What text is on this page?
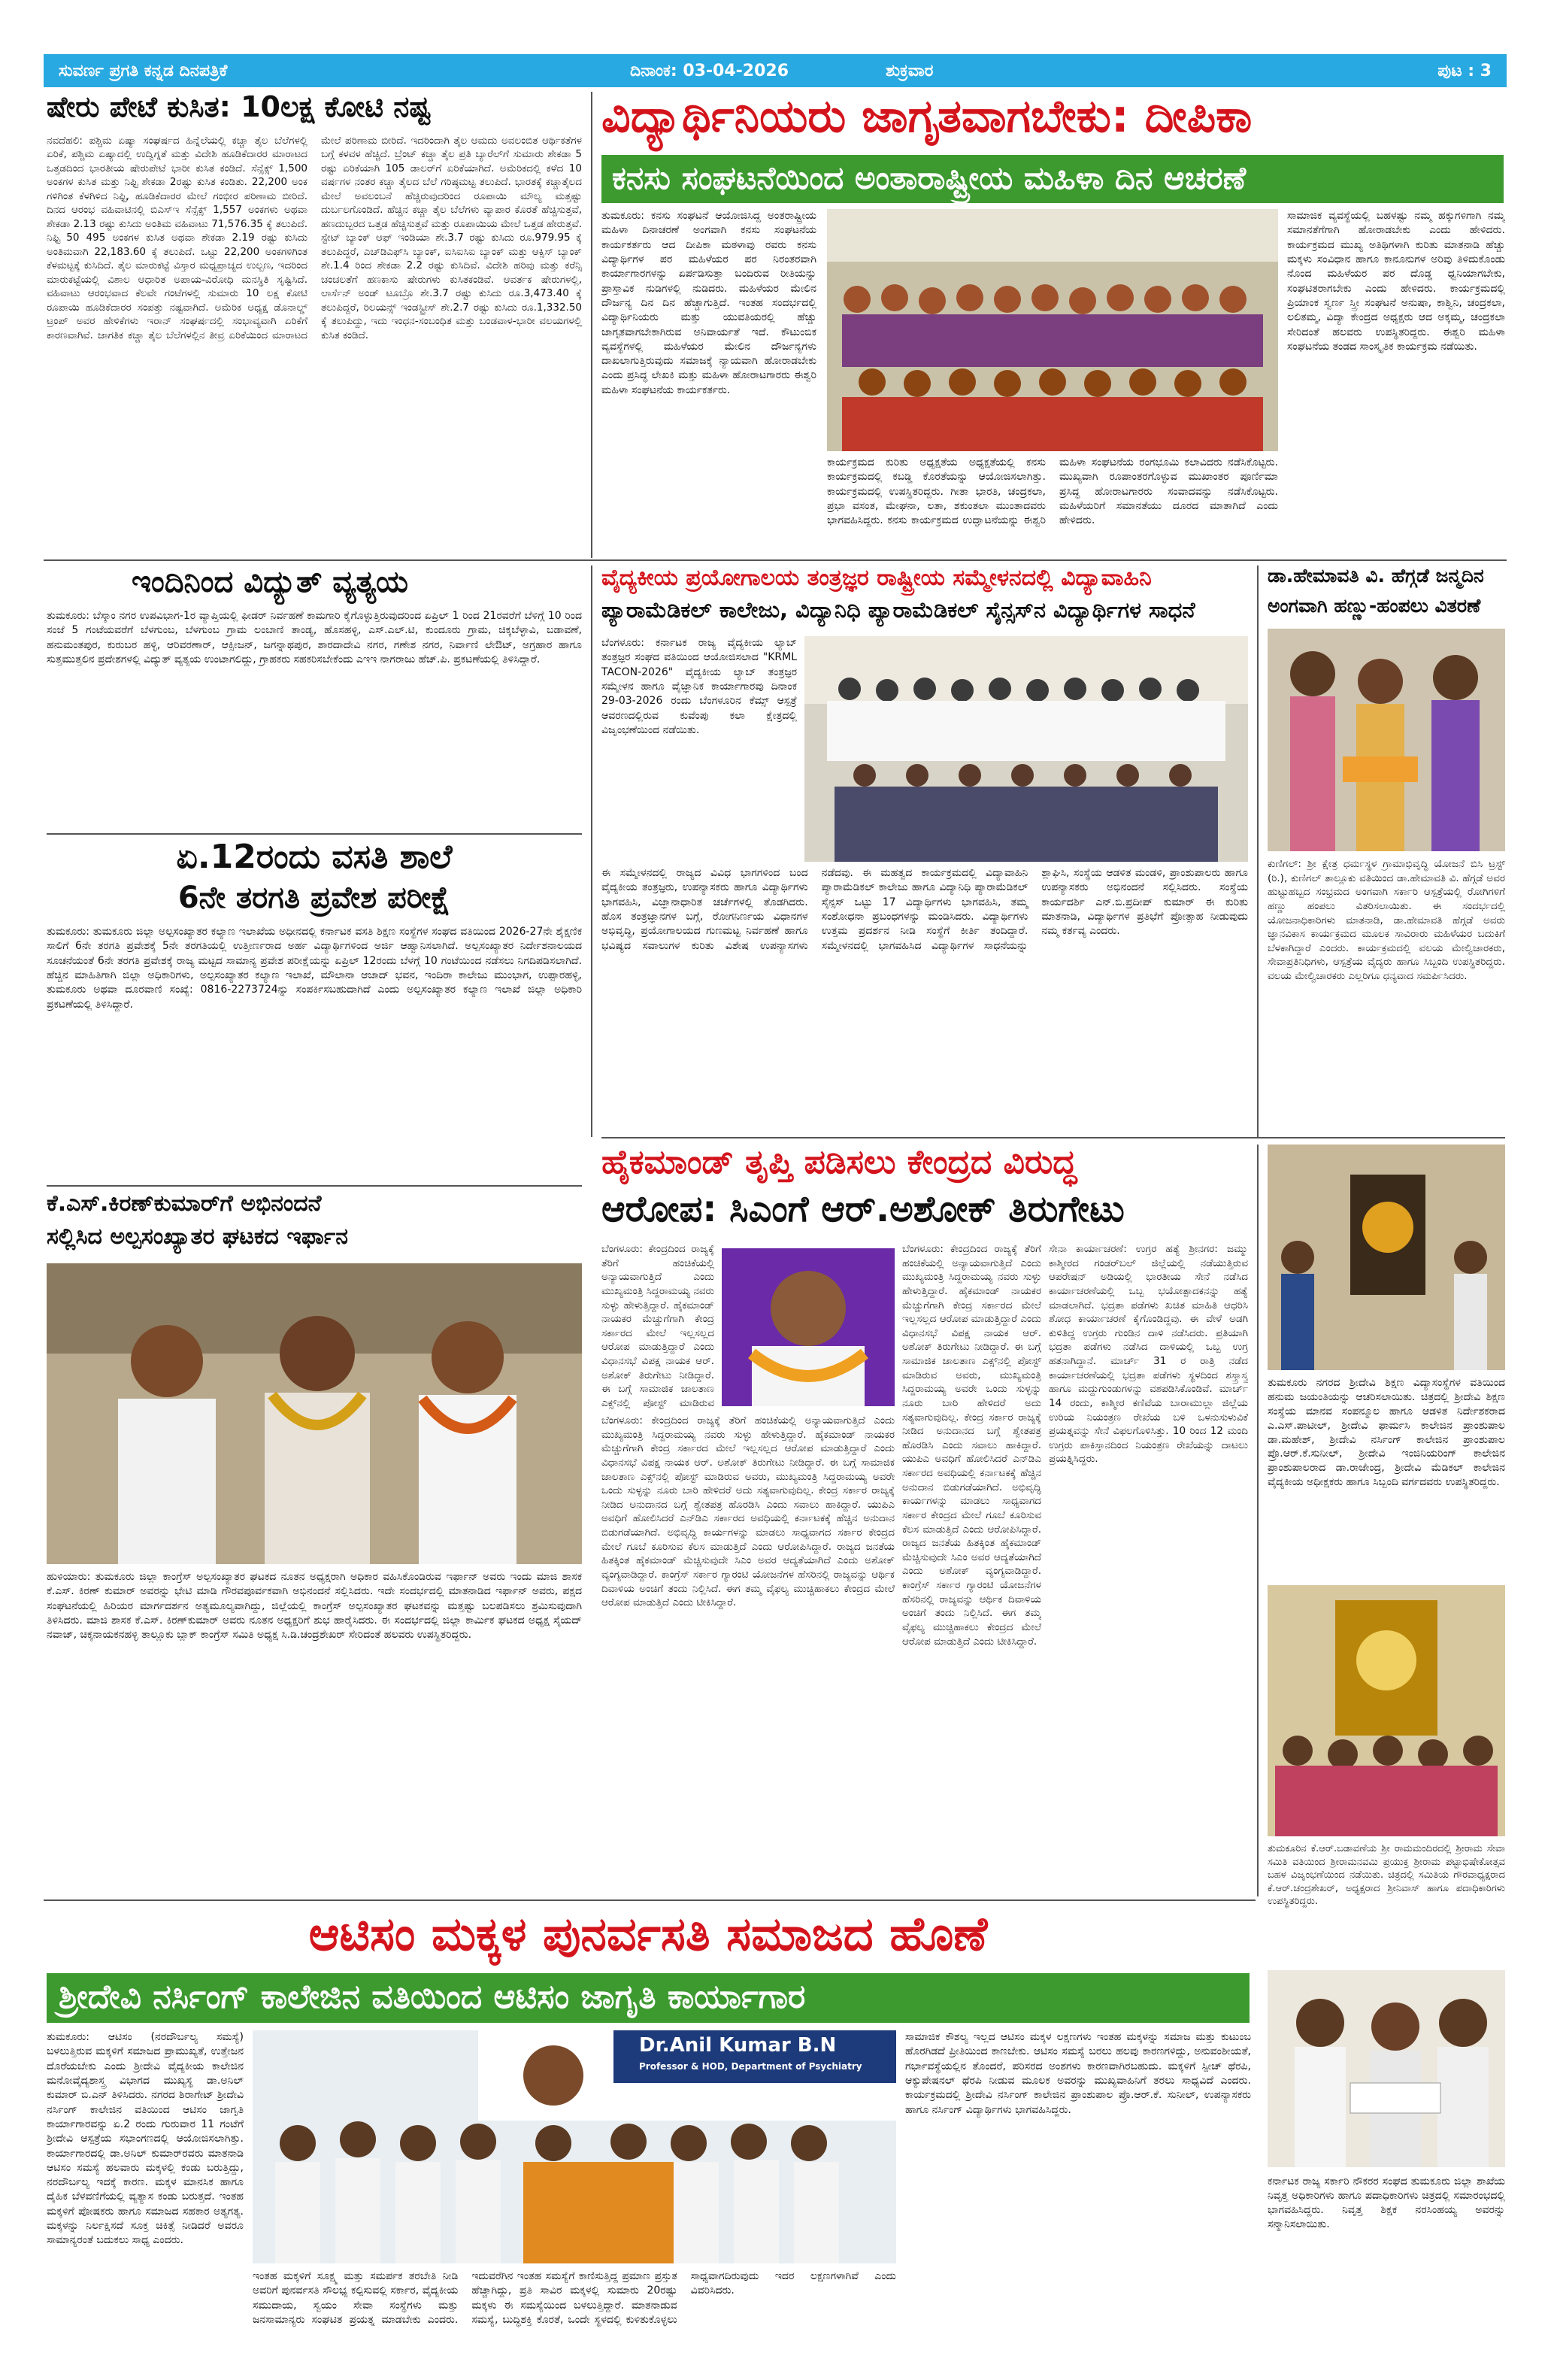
ಸುವರ್ಣ ಪ್ರಗತಿ ಕನ್ನಡ ದಿನಪತ್ರಿಕೆ	ದಿನಾಂಕ: 03-04-2026	ಶುಕ್ರವಾರ	ಪುಟ : 3
ಷೇರು ಪೇಟೆ ಕುಸಿತ: 10ಲಕ್ಷ ಕೋಟಿ ನಷ್ಟ
ನವದೆಹಲಿ: ಪಶ್ಚಿಮ ಏಷ್ಯಾ ಸಂಘರ್ಷದ ಹಿನ್ನೆಲೆಯಲ್ಲಿ ಕಚ್ಚಾ ತೈಲ ಬೆಲೆಗಳಲ್ಲಿ ಏರಿಕೆ, ಪಶ್ಚಿಮ ಏಷ್ಯಾದಲ್ಲಿ ಉದ್ವಿಗ್ನತೆ ಮತ್ತು ವಿದೇಶಿ ಹೂಡಿಕೆದಾರರ ಮಾರಾಟದ ಒತ್ತಡದಿಂದ ಭಾರತೀಯ ಷೇರುಪೇಟೆ ಭಾರೀ ಕುಸಿತ ಕಂಡಿದೆ. ಸೆನ್ಸೆಕ್ಸ್ 1,500 ಅಂಕಗಳ ಕುಸಿತ ಮತ್ತು ನಿಫ್ಟಿ ಶೇಕಡಾ 2ರಷ್ಟು ಕುಸಿತ ಕಂಡಿತು. 22,200 ಅಂಕ ಗಳಿಗಿಂತ ಕೆಳಗಿಳಿದ ನಿಫ್ಟಿ, ಹೂಡಿಕೆದಾರರ ಮೇಲೆ ಗಂಭೀರ ಪರಿಣಾಮ ಬೀರಿದೆ. ದಿನದ ಆರಂಭ ವಹಿವಾಟಿನಲ್ಲಿ ಬಿಎಸ್ಇ ಸೆನ್ಸೆಕ್ಸ್ 1,557 ಅಂಕಗಳು ಅಥವಾ ಶೇಕಡಾ 2.13 ರಷ್ಟು ಕುಸಿದು ಅಂತಿಮ ವಹಿವಾಟು 71,576.35 ಕ್ಕೆ ತಲುಪಿದೆ. ನಿಫ್ಟಿ 50 495 ಅಂಕಗಳ ಕುಸಿತ ಅಥವಾ ಶೇಕಡಾ 2.19 ರಷ್ಟು ಕುಸಿದು ಅಂತಿಮವಾಗಿ 22,183.60 ಕ್ಕೆ ತಲುಪಿದೆ. ಒಟ್ಟು 22,200 ಅಂಕಗಳಿಗಿಂತ ಕೆಳಮಟ್ಟಕ್ಕೆ ಕುಸಿದಿದೆ. ತೈಲ ಮಾರುಕಟ್ಟೆ ವಿಸ್ತಾರ ಮಧ್ಯಪ್ರಾಚ್ಯದ ಉಲ್ಬಣ, ಇದರಿಂದ ಮಾರುಕಟ್ಟೆಯಲ್ಲಿ ವಿಶಾಲ ಆಧಾರಿತ ಅಪಾಯ-ವಿರೋಧಿ ಮನಸ್ಥಿತಿ ಸೃಷ್ಟಿಸಿದೆ. ವಹಿವಾಟು ಆರಂಭವಾದ ಕೆಲವೇ ಗಂಟೆಗಳಲ್ಲಿ ಸುಮಾರು 10 ಲಕ್ಷ ಕೋಟಿ ರೂಪಾಯಿ ಹೂಡಿಕೆದಾರರ ಸಂಪತ್ತು ನಷ್ಟವಾಗಿದೆ. ಅಮೆರಿಕ ಅಧ್ಯಕ್ಷ ಡೊನಾಲ್ಡ್ ಟ್ರಂಪ್ ಅವರ ಹೇಳಿಕೆಗಳು ಇರಾನ್ ಸಂಘರ್ಷದಲ್ಲಿ ಸಂಭಾವ್ಯವಾಗಿ ಏರಿಕೆಗೆ ಕಾರಣವಾಗಿವೆ. ಜಾಗತಿಕ ಕಚ್ಚಾ ತೈಲ ಬೆಲೆಗಳಲ್ಲಿನ ತೀವ್ರ ಏರಿಕೆಯಿಂದ ಮಾರಾಟದ ಮೇಲೆ ಪರಿಣಾಮ ಬೀರಿದೆ. ಇದರಿಂದಾಗಿ ತೈಲ ಆಮದು ಅವಲಂಬಿತ ಆರ್ಥಿಕತೆಗಳ ಬಗ್ಗೆ ಕಳವಳ ಹೆಚ್ಚಿದೆ. ಬ್ರೆಂಟ್ ಕಚ್ಚಾ ತೈಲ ಪ್ರತಿ ಬ್ಯಾರೆಲ್‌ಗೆ ಸುಮಾರು ಶೇಕಡಾ 5 ರಷ್ಟು ಏರಿಕೆಯಾಗಿ 105 ಡಾಲರ್‌ಗೆ ಏರಿಕೆಯಾಗಿದೆ. ಅಮೆರಿಕದಲ್ಲಿ ಕಳೆದ 10 ವರ್ಷಗಳ ನಂತರ ಕಚ್ಚಾ ತೈಲದ ಬೆಲೆ ಗರಿಷ್ಠಮಟ್ಟ ತಲುಪಿದೆ. ಭಾರತಕ್ಕೆ ಕಚ್ಚಾತೈಲದ ಮೇಲೆ ಅವಲಂಬನೆ ಹೆಚ್ಚಿರುವುದರಿಂದ ರೂಪಾಯಿ ಮೌಲ್ಯ ಮತ್ತಷ್ಟು ದುರ್ಬಲಗೊಂಡಿದೆ. ಹೆಚ್ಚಿನ ಕಚ್ಚಾ ತೈಲ ಬೆಲೆಗಳು ವ್ಯಾಪಾರ ಕೊರತೆ ಹೆಚ್ಚಿಸುತ್ತವೆ, ಹಣದುಬ್ಬರದ ಒತ್ತಡ ಹೆಚ್ಚಿಸುತ್ತವೆ ಮತ್ತು ರೂಪಾಯಿಯ ಮೇಲೆ ಒತ್ತಡ ಹೇರುತ್ತವೆ. ಸ್ಟೇಟ್ ಬ್ಯಾಂಕ್ ಆಫ್ ಇಂಡಿಯಾ ಶೇ.3.7 ರಷ್ಟು ಕುಸಿದು ರೂ.979.95 ಕ್ಕೆ ತಲುಪಿದ್ದರೆ, ಎಚ್‌ಡಿಎಫ್‌ಸಿ ಬ್ಯಾಂಕ್, ಐಸಿಐಸಿಐ ಬ್ಯಾಂಕ್ ಮತ್ತು ಆಕ್ಸಿಸ್ ಬ್ಯಾಂಕ್ ಶೇ.1.4 ರಿಂದ ಶೇಕಡಾ 2.2 ರಷ್ಟು ಕುಸಿದಿವೆ. ವಿದೇಶಿ ಹರಿವು ಮತ್ತು ಕರೆನ್ಸಿ ಚಂಚಲತೆಗೆ ಹಣಕಾಸು ಷೇರುಗಳು ಕುಸಿತಕಂಡಿವೆ. ಆವರ್ತಕ ಷೇರುಗಳಲ್ಲಿ, ಲಾರ್ಸೆನ್ ಅಂಡ್ ಟೂಬ್ರೊ ಶೇ.3.7 ರಷ್ಟು ಕುಸಿದು ರೂ.3,473.40 ಕ್ಕೆ ತಲುಪಿದ್ದರೆ, ರಿಲಯನ್ಸ್ ಇಂಡಸ್ಟ್ರೀಸ್ ಶೇ.2.7 ರಷ್ಟು ಕುಸಿದು ರೂ.1,332.50 ಕ್ಕೆ ತಲುಪಿದ್ದು, ಇದು ಇಂಧನ-ಸಂಬಂಧಿತ ಮತ್ತು ಬಂಡವಾಳ-ಭಾರೀ ವಲಯಗಳಲ್ಲಿ ಕುಸಿತ ಕಂಡಿದೆ.
ವಿದ್ಯಾರ್ಥಿನಿಯರು ಜಾಗೃತವಾಗಬೇಕು: ದೀಪಿಕಾ
ಕನಸು ಸಂಘಟನೆಯಿಂದ ಅಂತಾರಾಷ್ಟ್ರೀಯ ಮಹಿಳಾ ದಿನ ಆಚರಣೆ
ತುಮಕೂರು: ಕನಸು ಸಂಘಟನೆ ಆಯೋಜಿಸಿದ್ದ ಅಂತರಾಷ್ಟ್ರೀಯ ಮಹಿಳಾ ದಿನಾಚರಣೆ ಅಂಗವಾಗಿ ಕನಸು ಸಂಘಟನೆಯ ಕಾರ್ಯಕರ್ತರು ಆದ ದೀಪಿಕಾ ಮಠಳಾವು ರವರು ಕನಸು ವಿದ್ಯಾರ್ಥಿಗಳ ಪರ ಮಹಿಳೆಯರ ಪರ ನಿರಂತರವಾಗಿ ಕಾರ್ಯಾಗಾರಗಳನ್ನು ಏರ್ಪಡಿಸುತ್ತಾ ಬಂದಿರುವ ರೀತಿಯನ್ನು ಪ್ರಾಸ್ತಾವಿಕ ನುಡಿಗಳಲ್ಲಿ ನುಡಿದರು. ಮಹಿಳೆಯರ ಮೇಲಿನ ದೌರ್ಜನ್ಯ ದಿನ ದಿನ ಹೆಚ್ಚಾಗುತ್ತಿದೆ. ಇಂತಹ ಸಂದರ್ಭದಲ್ಲಿ ವಿದ್ಯಾರ್ಥಿನಿಯರು ಮತ್ತು ಯುವತಿಯರಲ್ಲಿ ಹೆಚ್ಚು ಜಾಗೃತವಾಗಬೇಕಾಗಿರುವ ಅನಿವಾರ್ಯತೆ ಇದೆ. ಕೌಟುಂಬಿಕ ವ್ಯವಸ್ಥೆಗಳಲ್ಲಿ ಮಹಿಳೆಯರ ಮೇಲಿನ ದೌರ್ಜನ್ಯಗಳು ದಾಖಲಾಗುತ್ತಿರುವುದು ಸಮಾಜಕ್ಕೆ ನ್ಯಾಯವಾಗಿ ಹೋರಾಡಬೇಕು ಎಂದು ಪ್ರಸಿದ್ಧ ಲೇಖಕಿ ಮತ್ತು ಮಹಿಳಾ ಹೋರಾಟಗಾರರು ಈಶ್ವರಿ ಮಹಿಳಾ ಸಂಘಟನೆಯ ಕಾರ್ಯಕರ್ತರು.
ಸಾಮಾಜಿಕ ವ್ಯವಸ್ಥೆಯಲ್ಲಿ ಬಹಳಷ್ಟು ನಮ್ಮ ಹಕ್ಕುಗಳಿಗಾಗಿ ನಮ್ಮ ಸಮಾನತೆಗೆಗಾಗಿ ಹೋರಾಡಬೇಕು ಎಂದು ಹೇಳಿದರು. ಕಾರ್ಯಕ್ರಮದ ಮುಖ್ಯ ಅತಿಥಿಗಳಾಗಿ ಕುರಿತು ಮಾತನಾಡಿ ಹೆಚ್ಚು ಮಕ್ಕಳು ಸಂವಿಧಾನ ಹಾಗೂ ಕಾನೂನುಗಳ ಅರಿವು ತಿಳಿದುಕೊಂಡು ನೊಂದ ಮಹಿಳೆಯರ ಪರ ದೊಡ್ಡ ಧ್ವನಿಯಾಗಬೇಕು, ಸಂಘಟಿತರಾಗಬೇಕು ಎಂದು ಹೇಳಿದರು. ಕಾರ್ಯಕ್ರಮದಲ್ಲಿ ಪ್ರಿಯಾಂಕ ಸ್ವರ್ಣ ಸ್ತ್ರೀ ಸಂಘಟನೆ ಅನುಷಾ, ಕಾಶ್ವಿನಿ, ಚಂದ್ರಕಲಾ, ಲಲಿತಮ್ಮ, ವಿದ್ಯಾ ಕೇಂದ್ರದ ಅಧ್ಯಕ್ಷರು ಆದ ಅಕ್ಕಮ್ಮ, ಚಂದ್ರಕಲಾ ಸೇರಿದಂತೆ ಹಲವರು ಉಪಸ್ಥಿತರಿದ್ದರು. ಈಶ್ವರಿ ಮಹಿಳಾ ಸಂಘಟನೆಯ ತಂಡದ ಸಾಂಸ್ಕೃತಿಕ ಕಾರ್ಯಕ್ರಮ ನಡೆಯಿತು.
ಕಾರ್ಯಕ್ರಮದ ಕುರಿತು ಅಧ್ಯಕ್ಷತೆಯ ಅಧ್ಯಕ್ಷತೆಯಲ್ಲಿ ಕನಸು ಕಾರ್ಯಕ್ರಮದಲ್ಲಿ ಕಬಡ್ಡಿ ಕೊರತೆಯನ್ನು ಆಯೋಜಿಸಲಾಗಿತ್ತು. ಕಾರ್ಯಕ್ರಮದಲ್ಲಿ ಉಪಸ್ಥಿತರಿದ್ದರು. ಗೀತಾ ಭಾರತಿ, ಚಂದ್ರಕಲಾ, ಪ್ರಭಾ ವಸಂತ, ಮೇಘನಾ, ಲತಾ, ಶಕುಂತಲಾ ಮುಂತಾದವರು ಭಾಗವಹಿಸಿದ್ದರು. ಕನಸು ಕಾರ್ಯಕ್ರಮದ ಉದ್ಘಾಟನೆಯನ್ನು ಈಶ್ವರಿ ಮಹಿಳಾ ಸಂಘಟನೆಯ ರಂಗಭೂಮಿ ಕಲಾವಿದರು ನಡೆಸಿಕೊಟ್ಟರು. ಮುಖ್ಯವಾಗಿ ರೂಪಾಂತರಗೊಳ್ಳುವ ಮುಖಾಂತರ ಪೂರ್ಣಿಮಾ ಪ್ರಸಿದ್ಧ ಹೋರಾಟಗಾರರು ಸಂವಾದವನ್ನು ನಡೆಸಿಕೊಟ್ಟರು. ಮಹಿಳೆಯರಿಗೆ ಸಮಾನತೆಯು ದೂರದ ಮಾತಾಗಿದೆ ಎಂದು ಹೇಳಿದರು.
ಇಂದಿನಿಂದ ವಿದ್ಯುತ್ ವ್ಯತ್ಯಯ
ತುಮಕೂರು: ಬೆಸ್ಕಾಂ ನಗರ ಉಪವಿಭಾಗ-1ರ ವ್ಯಾಪ್ತಿಯಲ್ಲಿ ಫೀಡರ್ ನಿರ್ವಹಣೆ ಕಾಮಗಾರಿ ಕೈಗೊಳ್ಳುತ್ತಿರುವುದರಿಂದ ಏಪ್ರಿಲ್ 1 ರಿಂದ 21ರವರೆಗೆ ಬೆಳಿಗ್ಗೆ 10 ರಿಂದ ಸಂಜೆ 5 ಗಂಟೆಯವರೆಗೆ ಬೆಳಗುಂಬ, ಬೆಳಗುಂಬ ಗ್ರಾಮ ಲಂಬಾಣಿ ತಾಂಡ್ಯ, ಹೊಸಹಳ್ಳಿ, ಎಸ್.ಎಲ್.ಟಿ, ಕುಂದೂರು ಗ್ರಾಮ, ಚಿಕ್ಕಬೆಳ್ಳಾವಿ, ಬಡಾವಣೆ, ಹನುಮಂತಪುರ, ಕುರುಬರ ಹಳ್ಳಿ, ಆರಿವರಣಾರ್, ಆಕ್ಸೀಜನ್, ಜಗನ್ನಾಥಪುರ, ಶಾರದಾದೇವಿ ನಗರ, ಗಣೇಶ ನಗರ, ನಿರ್ವಾಣಿ ಲೇಔಟ್, ಅಗ್ರಹಾರ ಹಾಗೂ ಸುತ್ತಮುತ್ತಲಿನ ಪ್ರದೇಶಗಳಲ್ಲಿ ವಿದ್ಯುತ್ ವ್ಯತ್ಯಯ ಉಂಟಾಗಲಿದ್ದು, ಗ್ರಾಹಕರು ಸಹಕರಿಸಬೇಕೆಂದು ಎಇಇ ನಾಗರಾಜು ಹೆಚ್.ಪಿ. ಪ್ರಕಟಣೆಯಲ್ಲಿ ತಿಳಿಸಿದ್ದಾರೆ.
ಏ.12ರಂದು ವಸತಿ ಶಾಲೆ
6ನೇ ತರಗತಿ ಪ್ರವೇಶ ಪರೀಕ್ಷೆ
ತುಮಕೂರು: ತುಮಕೂರು ಜಿಲ್ಲಾ ಅಲ್ಪಸಂಖ್ಯಾತರ ಕಲ್ಯಾಣ ಇಲಾಖೆಯ ಅಧೀನದಲ್ಲಿ ಕರ್ನಾಟಕ ವಸತಿ ಶಿಕ್ಷಣ ಸಂಸ್ಥೆಗಳ ಸಂಘದ ವತಿಯಿಂದ 2026-27ನೇ ಶೈಕ್ಷಣಿಕ ಸಾಲಿಗೆ 6ನೇ ತರಗತಿ ಪ್ರವೇಶಕ್ಕೆ 5ನೇ ತರಗತಿಯಲ್ಲಿ ಉತ್ತೀರ್ಣರಾದ ಅರ್ಹ ವಿದ್ಯಾರ್ಥಿಗಳಿಂದ ಅರ್ಜಿ ಆಹ್ವಾನಿಸಲಾಗಿದೆ. ಅಲ್ಪಸಂಖ್ಯಾತರ ನಿರ್ದೇಶನಾಲಯದ ಸೂಚನೆಯಂತೆ 6ನೇ ತರಗತಿ ಪ್ರವೇಶಕ್ಕೆ ರಾಜ್ಯ ಮಟ್ಟದ ಸಾಮಾನ್ಯ ಪ್ರವೇಶ ಪರೀಕ್ಷೆಯನ್ನು ಏಪ್ರಿಲ್ 12ರಂದು ಬೆಳಗ್ಗೆ 10 ಗಂಟೆಯಿಂದ ನಡೆಸಲು ನಿಗದಿಪಡಿಸಲಾಗಿದೆ. ಹೆಚ್ಚಿನ ಮಾಹಿತಿಗಾಗಿ ಜಿಲ್ಲಾ ಅಧಿಕಾರಿಗಳು, ಅಲ್ಪಸಂಖ್ಯಾತರ ಕಲ್ಯಾಣ ಇಲಾಖೆ, ಮೌಲಾನಾ ಆಜಾದ್ ಭವನ, ಇಂದಿರಾ ಕಾಲೇಜು ಮುಂಭಾಗ, ಉಪ್ಪಾರಹಳ್ಳಿ, ತುಮಕೂರು ಅಥವಾ ದೂರವಾಣಿ ಸಂಖ್ಯೆ: 0816-2273724ನ್ನು ಸಂಪರ್ಕಿಸಬಹುದಾಗಿದೆ ಎಂದು ಅಲ್ಪಸಂಖ್ಯಾತರ ಕಲ್ಯಾಣ ಇಲಾಖೆ ಜಿಲ್ಲಾ ಅಧಿಕಾರಿ ಪ್ರಕಟಣೆಯಲ್ಲಿ ತಿಳಿಸಿದ್ದಾರೆ.
ಕೆ.ಎಸ್.ಕಿರಣ್‌ಕುಮಾರ್‌ಗೆ ಅಭಿನಂದನೆ
ಸಲ್ಲಿಸಿದ ಅಲ್ಪಸಂಖ್ಯಾತರ ಘಟಕದ ಇರ್ಫಾನ
ಹುಳಿಯಾರು: ತುಮಕೂರು ಜಿಲ್ಲಾ ಕಾಂಗ್ರೆಸ್ ಅಲ್ಪಸಂಖ್ಯಾತರ ಘಟಕದ ನೂತನ ಅಧ್ಯಕ್ಷರಾಗಿ ಅಧಿಕಾರ ವಹಿಸಿಕೊಂಡಿರುವ ಇರ್ಫಾನ್ ಅವರು ಇಂದು ಮಾಜಿ ಶಾಸಕ ಕೆ.ಎಸ್. ಕಿರಣ್ ಕುಮಾರ್ ಅವರನ್ನು ಭೇಟಿ ಮಾಡಿ ಗೌರವಪೂರ್ವಕವಾಗಿ ಅಭಿನಂದನೆ ಸಲ್ಲಿಸಿದರು. ಇದೇ ಸಂದರ್ಭದಲ್ಲಿ ಮಾತನಾಡಿದ ಇರ್ಫಾನ್ ಅವರು, ಪಕ್ಷದ ಸಂಘಟನೆಯಲ್ಲಿ ಹಿರಿಯರ ಮಾರ್ಗದರ್ಶನ ಅತ್ಯಮೂಲ್ಯವಾಗಿದ್ದು, ಜಿಲ್ಲೆಯಲ್ಲಿ ಕಾಂಗ್ರೆಸ್ ಅಲ್ಪಸಂಖ್ಯಾತರ ಘಟಕವನ್ನು ಮತ್ತಷ್ಟು ಬಲಪಡಿಸಲು ಶ್ರಮಿಸುವುದಾಗಿ ತಿಳಿಸಿದರು. ಮಾಜಿ ಶಾಸಕ ಕೆ.ಎಸ್. ಕಿರಣ್‌ಕುಮಾರ್ ಅವರು ನೂತನ ಅಧ್ಯಕ್ಷರಿಗೆ ಶುಭ ಹಾರೈಸಿದರು. ಈ ಸಂದರ್ಭದಲ್ಲಿ ಜಿಲ್ಲಾ ಕಾರ್ಮಿಕ ಘಟಕದ ಅಧ್ಯಕ್ಷ ಸೈಯದ್ ನವಾಜ್, ಚಿಕ್ಕನಾಯಕನಹಳ್ಳಿ ತಾಲ್ಲೂಕು ಬ್ಲಾಕ್ ಕಾಂಗ್ರೆಸ್ ಸಮಿತಿ ಅಧ್ಯಕ್ಷ ಸಿ.ಡಿ.ಚಂದ್ರಶೇಖರ್ ಸೇರಿದಂತೆ ಹಲವರು ಉಪಸ್ಥಿತರಿದ್ದರು.
ವೈದ್ಯಕೀಯ ಪ್ರಯೋಗಾಲಯ ತಂತ್ರಜ್ಞರ ರಾಷ್ಟ್ರೀಯ ಸಮ್ಮೇಳನದಲ್ಲಿ ವಿದ್ಯಾವಾಹಿನಿ
ಪ್ಯಾರಾಮೆಡಿಕಲ್ ಕಾಲೇಜು, ವಿದ್ಯಾನಿಧಿ ಪ್ಯಾರಾಮೆಡಿಕಲ್ ಸೈನ್ಸಸ್‌ನ ವಿದ್ಯಾರ್ಥಿಗಳ ಸಾಧನೆ
ಬೆಂಗಳೂರು: ಕರ್ನಾಟಕ ರಾಜ್ಯ ವೈದ್ಯಕೀಯ ಲ್ಯಾಬ್ ತಂತ್ರಜ್ಞರ ಸಂಘದ ವತಿಯಿಂದ ಆಯೋಜಿಸಲಾದ "KRML TACON-2026" ವೈದ್ಯಕೀಯ ಲ್ಯಾಬ್ ತಂತ್ರಜ್ಞರ ಸಮ್ಮೇಳನ ಹಾಗೂ ವೈಜ್ಞಾನಿಕ ಕಾರ್ಯಾಗಾರವು ದಿನಾಂಕ 29-03-2026 ರಂದು ಬೆಂಗಳೂರಿನ ಕೆಮ್ಸ್ ಆಸ್ಪತ್ರೆ ಆವರಣದಲ್ಲಿರುವ ಕುವೆಂಪು ಕಲಾ ಕ್ಷೇತ್ರದಲ್ಲಿ ವಿಜೃಂಭಣೆಯಿಂದ ನಡೆಯಿತು.
ಈ ಸಮ್ಮೇಳನದಲ್ಲಿ ರಾಜ್ಯದ ವಿವಿಧ ಭಾಗಗಳಿಂದ ಬಂದ ವೈದ್ಯಕೀಯ ತಂತ್ರಜ್ಞರು, ಉಪನ್ಯಾಸಕರು ಹಾಗೂ ವಿದ್ಯಾರ್ಥಿಗಳು ಭಾಗವಹಿಸಿ, ವಿಜ್ಞಾನಾಧಾರಿತ ಚರ್ಚೆಗಳಲ್ಲಿ ತೊಡಗಿದರು. ಹೊಸ ತಂತ್ರಜ್ಞಾನಗಳ ಬಗ್ಗೆ, ರೋಗನಿರ್ಣಯ ವಿಧಾನಗಳ ಅಭಿವೃದ್ಧಿ, ಪ್ರಯೋಗಾಲಯದ ಗುಣಮಟ್ಟ ನಿರ್ವಹಣೆ ಹಾಗೂ ಭವಿಷ್ಯದ ಸವಾಲುಗಳ ಕುರಿತು ವಿಶೇಷ ಉಪನ್ಯಾಸಗಳು ನಡೆದವು. ಈ ಮಹತ್ವದ ಕಾರ್ಯಕ್ರಮದಲ್ಲಿ ವಿದ್ಯಾವಾಹಿನಿ ಪ್ಯಾರಾಮೆಡಿಕಲ್ ಕಾಲೇಜು ಹಾಗೂ ವಿದ್ಯಾನಿಧಿ ಪ್ಯಾರಾಮೆಡಿಕಲ್ ಸೈನ್ಸಸ್ ಒಟ್ಟು 17 ವಿದ್ಯಾರ್ಥಿಗಳು ಭಾಗವಹಿಸಿ, ತಮ್ಮ ಸಂಶೋಧನಾ ಪ್ರಬಂಧಗಳನ್ನು ಮಂಡಿಸಿದರು. ವಿದ್ಯಾರ್ಥಿಗಳು ಉತ್ತಮ ಪ್ರದರ್ಶನ ನೀಡಿ ಸಂಸ್ಥೆಗೆ ಕೀರ್ತಿ ತಂದಿದ್ದಾರೆ. ಸಮ್ಮೇಳನದಲ್ಲಿ ಭಾಗವಹಿಸಿದ ವಿದ್ಯಾರ್ಥಿಗಳ ಸಾಧನೆಯನ್ನು ಶ್ಲಾಘಿಸಿ, ಸಂಸ್ಥೆಯ ಆಡಳಿತ ಮಂಡಳಿ, ಪ್ರಾಂಶುಪಾಲರು ಹಾಗೂ ಉಪನ್ಯಾಸಕರು ಅಭಿನಂದನೆ ಸಲ್ಲಿಸಿದರು. ಸಂಸ್ಥೆಯ ಕಾರ್ಯದರ್ಶಿ ಎನ್.ಬಿ.ಪ್ರದೀಪ್ ಕುಮಾರ್ ಈ ಕುರಿತು ಮಾತನಾಡಿ, ವಿದ್ಯಾರ್ಥಿಗಳ ಪ್ರತಿಭೆಗೆ ಪ್ರೋತ್ಸಾಹ ನೀಡುವುದು ನಮ್ಮ ಕರ್ತವ್ಯ ಎಂದರು.
ಡಾ.ಹೇಮಾವತಿ ವಿ. ಹೆಗ್ಗಡೆ ಜನ್ಮದಿನ
ಅಂಗವಾಗಿ ಹಣ್ಣು-ಹಂಪಲು ವಿತರಣೆ
ಕುಣಿಗಲ್: ಶ್ರೀ ಕ್ಷೇತ್ರ ಧರ್ಮಸ್ಥಳ ಗ್ರಾಮಾಭಿವೃದ್ಧಿ ಯೋಜನೆ ಬಿಸಿ ಟ್ರಸ್ಟ್ (ರಿ.), ಕುಣಿಗಲ್ ತಾಲ್ಲೂಕು ವತಿಯಿಂದ ಡಾ.ಹೇಮಾವತಿ ವಿ. ಹೆಗ್ಗಡೆ ಅವರ ಹುಟ್ಟುಹಬ್ಬದ ಸಂಭ್ರಮದ ಅಂಗವಾಗಿ ಸರ್ಕಾರಿ ಆಸ್ಪತ್ರೆಯಲ್ಲಿ ರೋಗಿಗಳಿಗೆ ಹಣ್ಣು ಹಂಪಲು ವಿತರಿಸಲಾಯಿತು. ಈ ಸಂದರ್ಭದಲ್ಲಿ ಯೋಜನಾಧಿಕಾರಿಗಳು ಮಾತನಾಡಿ, ಡಾ.ಹೇಮಾವತಿ ಹೆಗ್ಗಡೆ ಅವರು ಜ್ಞಾನವಿಕಾಸ ಕಾರ್ಯಕ್ರಮದ ಮೂಲಕ ಸಾವಿರಾರು ಮಹಿಳೆಯರ ಬದುಕಿಗೆ ಬೆಳಕಾಗಿದ್ದಾರೆ ಎಂದರು. ಕಾರ್ಯಕ್ರಮದಲ್ಲಿ ವಲಯ ಮೇಲ್ವಿಚಾರಕರು, ಸೇವಾಪ್ರತಿನಿಧಿಗಳು, ಆಸ್ಪತ್ರೆಯ ವೈದ್ಯರು ಹಾಗೂ ಸಿಬ್ಬಂದಿ ಉಪಸ್ಥಿತರಿದ್ದರು. ವಲಯ ಮೇಲ್ವಿಚಾರಕರು ಎಲ್ಲರಿಗೂ ಧನ್ಯವಾದ ಸಮರ್ಪಿಸಿದರು.
ಹೈಕಮಾಂಡ್ ತೃಪ್ತಿ ಪಡಿಸಲು ಕೇಂದ್ರದ ವಿರುದ್ಧ
ಆರೋಪ: ಸಿಎಂಗೆ ಆರ್.ಅಶೋಕ್ ತಿರುಗೇಟು
ಬೆಂಗಳೂರು: ಕೇಂದ್ರದಿಂದ ರಾಜ್ಯಕ್ಕೆ ತೆರಿಗೆ ಹಂಚಿಕೆಯಲ್ಲಿ ಅನ್ಯಾಯವಾಗುತ್ತಿದೆ ಎಂದು ಮುಖ್ಯಮಂತ್ರಿ ಸಿದ್ದರಾಮಯ್ಯ ನವರು ಸುಳ್ಳು ಹೇಳುತ್ತಿದ್ದಾರೆ. ಹೈಕಮಾಂಡ್ ನಾಯಕರ ಮೆಚ್ಚುಗೆಗಾಗಿ ಕೇಂದ್ರ ಸರ್ಕಾರದ ಮೇಲೆ ಇಲ್ಲಸಲ್ಲದ ಆರೋಪ ಮಾಡುತ್ತಿದ್ದಾರೆ ಎಂದು ವಿಧಾನಸಭೆ ವಿಪಕ್ಷ ನಾಯಕ ಆರ್. ಅಶೋಕ್ ತಿರುಗೇಟು ನೀಡಿದ್ದಾರೆ. ಈ ಬಗ್ಗೆ ಸಾಮಾಜಿಕ ಜಾಲತಾಣ ಎಕ್ಸ್‌ನಲ್ಲಿ ಪೋಸ್ಟ್ ಮಾಡಿರುವ
ಬೆಂಗಳೂರು: ಕೇಂದ್ರದಿಂದ ರಾಜ್ಯಕ್ಕೆ ತೆರಿಗೆ ಹಂಚಿಕೆಯಲ್ಲಿ ಅನ್ಯಾಯವಾಗುತ್ತಿದೆ ಎಂದು ಮುಖ್ಯಮಂತ್ರಿ ಸಿದ್ದರಾಮಯ್ಯ ನವರು ಸುಳ್ಳು ಹೇಳುತ್ತಿದ್ದಾರೆ. ಹೈಕಮಾಂಡ್ ನಾಯಕರ ಮೆಚ್ಚುಗೆಗಾಗಿ ಕೇಂದ್ರ ಸರ್ಕಾರದ ಮೇಲೆ ಇಲ್ಲಸಲ್ಲದ ಆರೋಪ ಮಾಡುತ್ತಿದ್ದಾರೆ ಎಂದು ವಿಧಾನಸಭೆ ವಿಪಕ್ಷ ನಾಯಕ ಆರ್. ಅಶೋಕ್ ತಿರುಗೇಟು ನೀಡಿದ್ದಾರೆ. ಈ ಬಗ್ಗೆ ಸಾಮಾಜಿಕ ಜಾಲತಾಣ ಎಕ್ಸ್‌ನಲ್ಲಿ ಪೋಸ್ಟ್ ಮಾಡಿರುವ ಅವರು, ಮುಖ್ಯಮಂತ್ರಿ ಸಿದ್ದರಾಮಯ್ಯ ಅವರೇ ಒಂದು ಸುಳ್ಳನ್ನು ನೂರು ಬಾರಿ ಹೇಳಿದರೆ ಅದು ಸತ್ಯವಾಗುವುದಿಲ್ಲ. ಕೇಂದ್ರ ಸರ್ಕಾರ ರಾಜ್ಯಕ್ಕೆ ನೀಡಿದ ಅನುದಾನದ ಬಗ್ಗೆ ಶ್ವೇತಪತ್ರ ಹೊರಡಿಸಿ ಎಂದು ಸವಾಲು ಹಾಕಿದ್ದಾರೆ. ಯುಪಿಎ ಅವಧಿಗೆ ಹೋಲಿಸಿದರೆ ಎನ್‌ಡಿಎ ಸರ್ಕಾರದ ಅವಧಿಯಲ್ಲಿ ಕರ್ನಾಟಕಕ್ಕೆ ಹೆಚ್ಚಿನ ಅನುದಾನ ಬಿಡುಗಡೆಯಾಗಿದೆ. ಅಭಿವೃದ್ಧಿ ಕಾರ್ಯಗಳನ್ನು ಮಾಡಲು ಸಾಧ್ಯವಾಗದ ಸರ್ಕಾರ ಕೇಂದ್ರದ ಮೇಲೆ ಗೂಬೆ ಕೂರಿಸುವ ಕೆಲಸ ಮಾಡುತ್ತಿದೆ ಎಂದು ಆರೋಪಿಸಿದ್ದಾರೆ. ರಾಜ್ಯದ ಜನತೆಯ ಹಿತಕ್ಕಿಂತ ಹೈಕಮಾಂಡ್ ಮೆಚ್ಚಿಸುವುದೇ ಸಿಎಂ ಅವರ ಆದ್ಯತೆಯಾಗಿದೆ ಎಂದು ಅಶೋಕ್ ವ್ಯಂಗ್ಯವಾಡಿದ್ದಾರೆ. ಕಾಂಗ್ರೆಸ್ ಸರ್ಕಾರ ಗ್ಯಾರಂಟಿ ಯೋಜನೆಗಳ ಹೆಸರಿನಲ್ಲಿ ರಾಜ್ಯವನ್ನು ಆರ್ಥಿಕ ದಿವಾಳಿಯ ಅಂಚಿಗೆ ತಂದು ನಿಲ್ಲಿಸಿದೆ. ಈಗ ತಮ್ಮ ವೈಫಲ್ಯ ಮುಚ್ಚಿಹಾಕಲು ಕೇಂದ್ರದ ಮೇಲೆ ಆರೋಪ ಮಾಡುತ್ತಿದೆ ಎಂದು ಟೀಕಿಸಿದ್ದಾರೆ.
ಬೆಂಗಳೂರು: ಕೇಂದ್ರದಿಂದ ರಾಜ್ಯಕ್ಕೆ ತೆರಿಗೆ ಹಂಚಿಕೆಯಲ್ಲಿ ಅನ್ಯಾಯವಾಗುತ್ತಿದೆ ಎಂದು ಮುಖ್ಯಮಂತ್ರಿ ಸಿದ್ದರಾಮಯ್ಯ ನವರು ಸುಳ್ಳು ಹೇಳುತ್ತಿದ್ದಾರೆ. ಹೈಕಮಾಂಡ್ ನಾಯಕರ ಮೆಚ್ಚುಗೆಗಾಗಿ ಕೇಂದ್ರ ಸರ್ಕಾರದ ಮೇಲೆ ಇಲ್ಲಸಲ್ಲದ ಆರೋಪ ಮಾಡುತ್ತಿದ್ದಾರೆ ಎಂದು ವಿಧಾನಸಭೆ ವಿಪಕ್ಷ ನಾಯಕ ಆರ್. ಅಶೋಕ್ ತಿರುಗೇಟು ನೀಡಿದ್ದಾರೆ. ಈ ಬಗ್ಗೆ ಸಾಮಾಜಿಕ ಜಾಲತಾಣ ಎಕ್ಸ್‌ನಲ್ಲಿ ಪೋಸ್ಟ್ ಮಾಡಿರುವ ಅವರು, ಮುಖ್ಯಮಂತ್ರಿ ಸಿದ್ದರಾಮಯ್ಯ ಅವರೇ ಒಂದು ಸುಳ್ಳನ್ನು ನೂರು ಬಾರಿ ಹೇಳಿದರೆ ಅದು ಸತ್ಯವಾಗುವುದಿಲ್ಲ. ಕೇಂದ್ರ ಸರ್ಕಾರ ರಾಜ್ಯಕ್ಕೆ ನೀಡಿದ ಅನುದಾನದ ಬಗ್ಗೆ ಶ್ವೇತಪತ್ರ ಹೊರಡಿಸಿ ಎಂದು ಸವಾಲು ಹಾಕಿದ್ದಾರೆ. ಯುಪಿಎ ಅವಧಿಗೆ ಹೋಲಿಸಿದರೆ ಎನ್‌ಡಿಎ ಸರ್ಕಾರದ ಅವಧಿಯಲ್ಲಿ ಕರ್ನಾಟಕಕ್ಕೆ ಹೆಚ್ಚಿನ ಅನುದಾನ ಬಿಡುಗಡೆಯಾಗಿದೆ. ಅಭಿವೃದ್ಧಿ ಕಾರ್ಯಗಳನ್ನು ಮಾಡಲು ಸಾಧ್ಯವಾಗದ ಸರ್ಕಾರ ಕೇಂದ್ರದ ಮೇಲೆ ಗೂಬೆ ಕೂರಿಸುವ ಕೆಲಸ ಮಾಡುತ್ತಿದೆ ಎಂದು ಆರೋಪಿಸಿದ್ದಾರೆ. ರಾಜ್ಯದ ಜನತೆಯ ಹಿತಕ್ಕಿಂತ ಹೈಕಮಾಂಡ್ ಮೆಚ್ಚಿಸುವುದೇ ಸಿಎಂ ಅವರ ಆದ್ಯತೆಯಾಗಿದೆ ಎಂದು ಅಶೋಕ್ ವ್ಯಂಗ್ಯವಾಡಿದ್ದಾರೆ. ಕಾಂಗ್ರೆಸ್ ಸರ್ಕಾರ ಗ್ಯಾರಂಟಿ ಯೋಜನೆಗಳ ಹೆಸರಿನಲ್ಲಿ ರಾಜ್ಯವನ್ನು ಆರ್ಥಿಕ ದಿವಾಳಿಯ ಅಂಚಿಗೆ ತಂದು ನಿಲ್ಲಿಸಿದೆ. ಈಗ ತಮ್ಮ ವೈಫಲ್ಯ ಮುಚ್ಚಿಹಾಕಲು ಕೇಂದ್ರದ ಮೇಲೆ ಆರೋಪ ಮಾಡುತ್ತಿದೆ ಎಂದು ಟೀಕಿಸಿದ್ದಾರೆ.
ಸೇನಾ ಕಾರ್ಯಾಚರಣೆ: ಉಗ್ರರ ಹತ್ಯೆ ಶ್ರೀನಗರ: ಜಮ್ಮು ಕಾಶ್ಮೀರದ ಗಂಡರ್‌ಬಲ್ ಜಿಲ್ಲೆಯಲ್ಲಿ ನಡೆಯುತ್ತಿರುವ ಆಪರೇಷನ್ ಅಡಿಯಲ್ಲಿ ಭಾರತೀಯ ಸೇನೆ ನಡೆಸಿದ ಕಾರ್ಯಾಚರಣೆಯಲ್ಲಿ ಒಬ್ಬ ಭಯೋತ್ಪಾದಕನನ್ನು ಹತ್ಯೆ ಮಾಡಲಾಗಿದೆ. ಭದ್ರತಾ ಪಡೆಗಳು ಖಚಿತ ಮಾಹಿತಿ ಆಧರಿಸಿ ಶೋಧ ಕಾರ್ಯಾಚರಣೆ ಕೈಗೊಂಡಿದ್ದವು. ಈ ವೇಳೆ ಅಡಗಿ ಕುಳಿತಿದ್ದ ಉಗ್ರರು ಗುಂಡಿನ ದಾಳಿ ನಡೆಸಿದರು. ಪ್ರತಿಯಾಗಿ ಭದ್ರತಾ ಪಡೆಗಳು ನಡೆಸಿದ ದಾಳಿಯಲ್ಲಿ ಒಬ್ಬ ಉಗ್ರ ಹತನಾಗಿದ್ದಾನೆ. ಮಾರ್ಚ್ 31 ರ ರಾತ್ರಿ ನಡೆದ ಕಾರ್ಯಾಚರಣೆಯಲ್ಲಿ ಭದ್ರತಾ ಪಡೆಗಳು ಸ್ಥಳದಿಂದ ಶಸ್ತ್ರಾಸ್ತ್ರ ಹಾಗೂ ಮದ್ದುಗುಂಡುಗಳನ್ನು ವಶಪಡಿಸಿಕೊಂಡಿವೆ. ಮಾರ್ಚ್ 14 ರಂದು, ಕಾಶ್ಮೀರ ಕಣಿವೆಯ ಬಾರಾಮುಲ್ಲಾ ಜಿಲ್ಲೆಯ ಉರಿಯ ನಿಯಂತ್ರಣ ರೇಖೆಯ ಬಳಿ ಒಳನುಸುಳುವಿಕೆ ಪ್ರಯತ್ನವನ್ನು ಸೇನೆ ವಿಫಲಗೊಳಿಸಿತ್ತು. 10 ರಿಂದ 12 ಮಂದಿ ಉಗ್ರರು ಪಾಕಿಸ್ತಾನದಿಂದ ನಿಯಂತ್ರಣ ರೇಖೆಯನ್ನು ದಾಟಲು ಪ್ರಯತ್ನಿಸಿದ್ದರು.
ತುಮಕೂರು ನಗರದ ಶ್ರೀದೇವಿ ಶಿಕ್ಷಣ ವಿದ್ಯಾಸಂಸ್ಥೆಗಳ ವತಿಯಿಂದ ಹನುಮ ಜಯಂತಿಯನ್ನು ಆಚರಿಸಲಾಯಿತು. ಚಿತ್ರದಲ್ಲಿ ಶ್ರೀದೇವಿ ಶಿಕ್ಷಣ ಸಂಸ್ಥೆಯ ಮಾನವ ಸಂಪನ್ಮೂಲ ಹಾಗೂ ಆಡಳಿತ ನಿರ್ದೇಶಕರಾದ ಎ.ಎಸ್.ಪಾಟೀಲ್, ಶ್ರೀದೇವಿ ಫಾರ್ಮಸಿ ಕಾಲೇಜಿನ ಪ್ರಾಂಶುಪಾಲ ಡಾ.ಮಹೇಶ್, ಶ್ರೀದೇವಿ ನರ್ಸಿಂಗ್ ಕಾಲೇಜಿನ ಪ್ರಾಂಶುಪಾಲ ಪ್ರೊ.ಆರ್.ಕೆ.ಸುನೀಲ್, ಶ್ರೀದೇವಿ ಇಂಜಿನಿಯರಿಂಗ್ ಕಾಲೇಜಿನ ಪ್ರಾಂಶುಪಾಲರಾದ ಡಾ.ರಾಜೇಂದ್ರ, ಶ್ರೀದೇವಿ ಮೆಡಿಕಲ್ ಕಾಲೇಜಿನ ವೈದ್ಯಕೀಯ ಅಧೀಕ್ಷಕರು ಹಾಗೂ ಸಿಬ್ಬಂದಿ ವರ್ಗದವರು ಉಪಸ್ಥಿತರಿದ್ದರು.
ತುಮಕೂರಿನ ಕೆ.ಆರ್.ಬಡಾವಣೆಯ ಶ್ರೀ ರಾಮಮಂದಿರದಲ್ಲಿ ಶ್ರೀರಾಮ ಸೇವಾ ಸಮಿತಿ ವತಿಯಿಂದ ಶ್ರೀರಾಮನವಮಿ ಪ್ರಯುಕ್ತ ಶ್ರೀರಾಮ ಪಟ್ಟಾಭಿಷೇಕೋತ್ಸವ ಬಹಳ ವಿಜೃಂಭಣೆಯಿಂದ ನಡೆಯಿತು. ಚಿತ್ರದಲ್ಲಿ ಸಮಿತಿಯ ಗೌರವಾಧ್ಯಕ್ಷರಾದ ಕೆ.ಆರ್.ಚಂದ್ರಶೇಖರ್, ಅಧ್ಯಕ್ಷರಾದ ಶ್ರೀನಿವಾಸ್ ಹಾಗೂ ಪದಾಧಿಕಾರಿಗಳು ಉಪಸ್ಥಿತರಿದ್ದರು.
ಆಟಿಸಂ ಮಕ್ಕಳ ಪುನರ್ವಸತಿ ಸಮಾಜದ ಹೊಣೆ
ಶ್ರೀದೇವಿ ನರ್ಸಿಂಗ್ ಕಾಲೇಜಿನ ವತಿಯಿಂದ ಆಟಿಸಂ ಜಾಗೃತಿ ಕಾರ್ಯಾಗಾರ
ತುಮಕೂರು: ಆಟಿಸಂ (ನರದೌರ್ಬಲ್ಯ ಸಮಸ್ಯೆ) ಬಳಲುತ್ತಿರುವ ಮಕ್ಕಳಿಗೆ ಸಮಾಜದ ಪ್ರಾಮುಖ್ಯತೆ, ಉತ್ತೇಜನ ದೊರೆಯಬೇಕು ಎಂದು ಶ್ರೀದೇವಿ ವೈದ್ಯಕೀಯ ಕಾಲೇಜಿನ ಮನೋವೈದ್ಯಶಾಸ್ತ್ರ ವಿಭಾಗದ ಮುಖ್ಯಸ್ಥ ಡಾ.ಅನಿಲ್ ಕುಮಾರ್ ಬಿ.ಎನ್ ತಿಳಿಸಿದರು. ನಗರದ ಶಿರಾಗೇಟ್ ಶ್ರೀದೇವಿ ನರ್ಸಿಂಗ್ ಕಾಲೇಜಿನ ವತಿಯಿಂದ ಆಟಿಸಂ ಜಾಗೃತಿ ಕಾರ್ಯಾಗಾರವನ್ನು ಏ.2 ರಂದು ಗುರುವಾರ 11 ಗಂಟೆಗೆ ಶ್ರೀದೇವಿ ಆಸ್ಪತ್ರೆಯ ಸಭಾಂಗಣದಲ್ಲಿ ಆಯೋಜಿಸಲಾಗಿತ್ತು. ಕಾರ್ಯಾಗಾರದಲ್ಲಿ ಡಾ.ಅನಿಲ್ ಕುಮಾರ್‌ರವರು ಮಾತನಾಡಿ ಆಟಿಸಂ ಸಮಸ್ಯೆ ಹಲವಾರು ಮಕ್ಕಳಲ್ಲಿ ಕಂಡು ಬರುತ್ತಿದ್ದು, ನರದೌರ್ಬಲ್ಯ ಇದಕ್ಕೆ ಕಾರಣ. ಮಕ್ಕಳ ಮಾನಸಿಕ ಹಾಗೂ ದೈಹಿಕ ಬೆಳವಣಿಗೆಯಲ್ಲಿ ವ್ಯತ್ಯಾಸ ಕಂಡು ಬರುತ್ತದೆ. ಇಂತಹ ಮಕ್ಕಳಿಗೆ ಪೋಷಕರು ಹಾಗೂ ಸಮಾಜದ ಸಹಕಾರ ಅತ್ಯಗತ್ಯ. ಮಕ್ಕಳನ್ನು ನಿರ್ಲಕ್ಷಿಸದೆ ಸೂಕ್ತ ಚಿಕಿತ್ಸೆ ನೀಡಿದರೆ ಅವರೂ ಸಾಮಾನ್ಯರಂತೆ ಬದುಕಲು ಸಾಧ್ಯ ಎಂದರು.
Dr.Anil Kumar B.N
Professor & HOD, Department of Psychiatry
ಇಂತಹ ಮಕ್ಕಳಿಗೆ ಸೂಕ್ಷ್ಮ ಮತ್ತು ಸಮರ್ಪಕ ತರಬೇತಿ ನೀಡಿ ಅವರಿಗೆ ಪುನರ್ವಸತಿ ಸೌಲಭ್ಯ ಕಲ್ಪಿಸುವಲ್ಲಿ ಸರ್ಕಾರ, ವೈದ್ಯಕೀಯ ಸಮುದಾಯ, ಸ್ವಯಂ ಸೇವಾ ಸಂಸ್ಥೆಗಳು ಮತ್ತು ಜನಸಾಮಾನ್ಯರು ಸಂಘಟಿತ ಪ್ರಯತ್ನ ಮಾಡಬೇಕು ಎಂದರು. ಇದುವರೆಗಿನ ಇಂತಹ ಸಮಸ್ಯೆಗೆ ಕಾಣಿಸುತ್ತಿದ್ದ ಪ್ರಮಾಣ ಪ್ರಸ್ತುತ ಹೆಚ್ಚಾಗಿದ್ದು, ಪ್ರತಿ ಸಾವಿರ ಮಕ್ಕಳಲ್ಲಿ ಸುಮಾರು 20ರಷ್ಟು ಮಕ್ಕಳು ಈ ಸಮಸ್ಯೆಯಿಂದ ಬಳಲುತ್ತಿದ್ದಾರೆ. ಮಾತನಾಡುವ ಸಮಸ್ಯೆ, ಬುದ್ಧಿಶಕ್ತಿ ಕೊರತೆ, ಒಂದೇ ಸ್ಥಳದಲ್ಲಿ ಕುಳಿತುಕೊಳ್ಳಲು ಸಾಧ್ಯವಾಗದಿರುವುದು ಇದರ ಲಕ್ಷಣಗಳಾಗಿವೆ ಎಂದು ವಿವರಿಸಿದರು.
ಸಾಮಾಜಿಕ ಕೌಶಲ್ಯ ಇಲ್ಲದ ಆಟಿಸಂ ಮಕ್ಕಳ ಲಕ್ಷಣಗಳು ಇಂತಹ ಮಕ್ಕಳನ್ನು ಸಮಾಜ ಮತ್ತು ಕುಟುಂಬ ಹೊರಗಿಡದೆ ಪ್ರೀತಿಯಿಂದ ಕಾಣಬೇಕು. ಆಟಿಸಂ ಸಮಸ್ಯೆ ಬರಲು ಹಲವು ಕಾರಣಗಳಿದ್ದು, ಅನುವಂಶೀಯತೆ, ಗರ್ಭಾವಸ್ಥೆಯಲ್ಲಿನ ತೊಂದರೆ, ಪರಿಸರದ ಅಂಶಗಳು ಕಾರಣವಾಗಿರಬಹುದು. ಮಕ್ಕಳಿಗೆ ಸ್ಪೀಚ್ ಥೆರಪಿ, ಆಕ್ಯುಪೇಷನಲ್ ಥೆರಪಿ ನೀಡುವ ಮೂಲಕ ಅವರನ್ನು ಮುಖ್ಯವಾಹಿನಿಗೆ ತರಲು ಸಾಧ್ಯವಿದೆ ಎಂದರು. ಕಾರ್ಯಕ್ರಮದಲ್ಲಿ ಶ್ರೀದೇವಿ ನರ್ಸಿಂಗ್ ಕಾಲೇಜಿನ ಪ್ರಾಂಶುಪಾಲ ಪ್ರೊ.ಆರ್.ಕೆ. ಸುನೀಲ್, ಉಪನ್ಯಾಸಕರು ಹಾಗೂ ನರ್ಸಿಂಗ್ ವಿದ್ಯಾರ್ಥಿಗಳು ಭಾಗವಹಿಸಿದ್ದರು.
ಕರ್ನಾಟಕ ರಾಜ್ಯ ಸರ್ಕಾರಿ ನೌಕರರ ಸಂಘದ ತುಮಕೂರು ಜಿಲ್ಲಾ ಶಾಖೆಯ ನಿವೃತ್ತ ಅಧಿಕಾರಿಗಳು ಹಾಗೂ ಪದಾಧಿಕಾರಿಗಳು ಚಿತ್ರದಲ್ಲಿ ಸಮಾರಂಭದಲ್ಲಿ ಭಾಗವಹಿಸಿದ್ದರು. ನಿವೃತ್ತ ಶಿಕ್ಷಕ ನರಸಿಂಹಯ್ಯ ಅವರನ್ನು ಸನ್ಮಾನಿಸಲಾಯಿತು.
